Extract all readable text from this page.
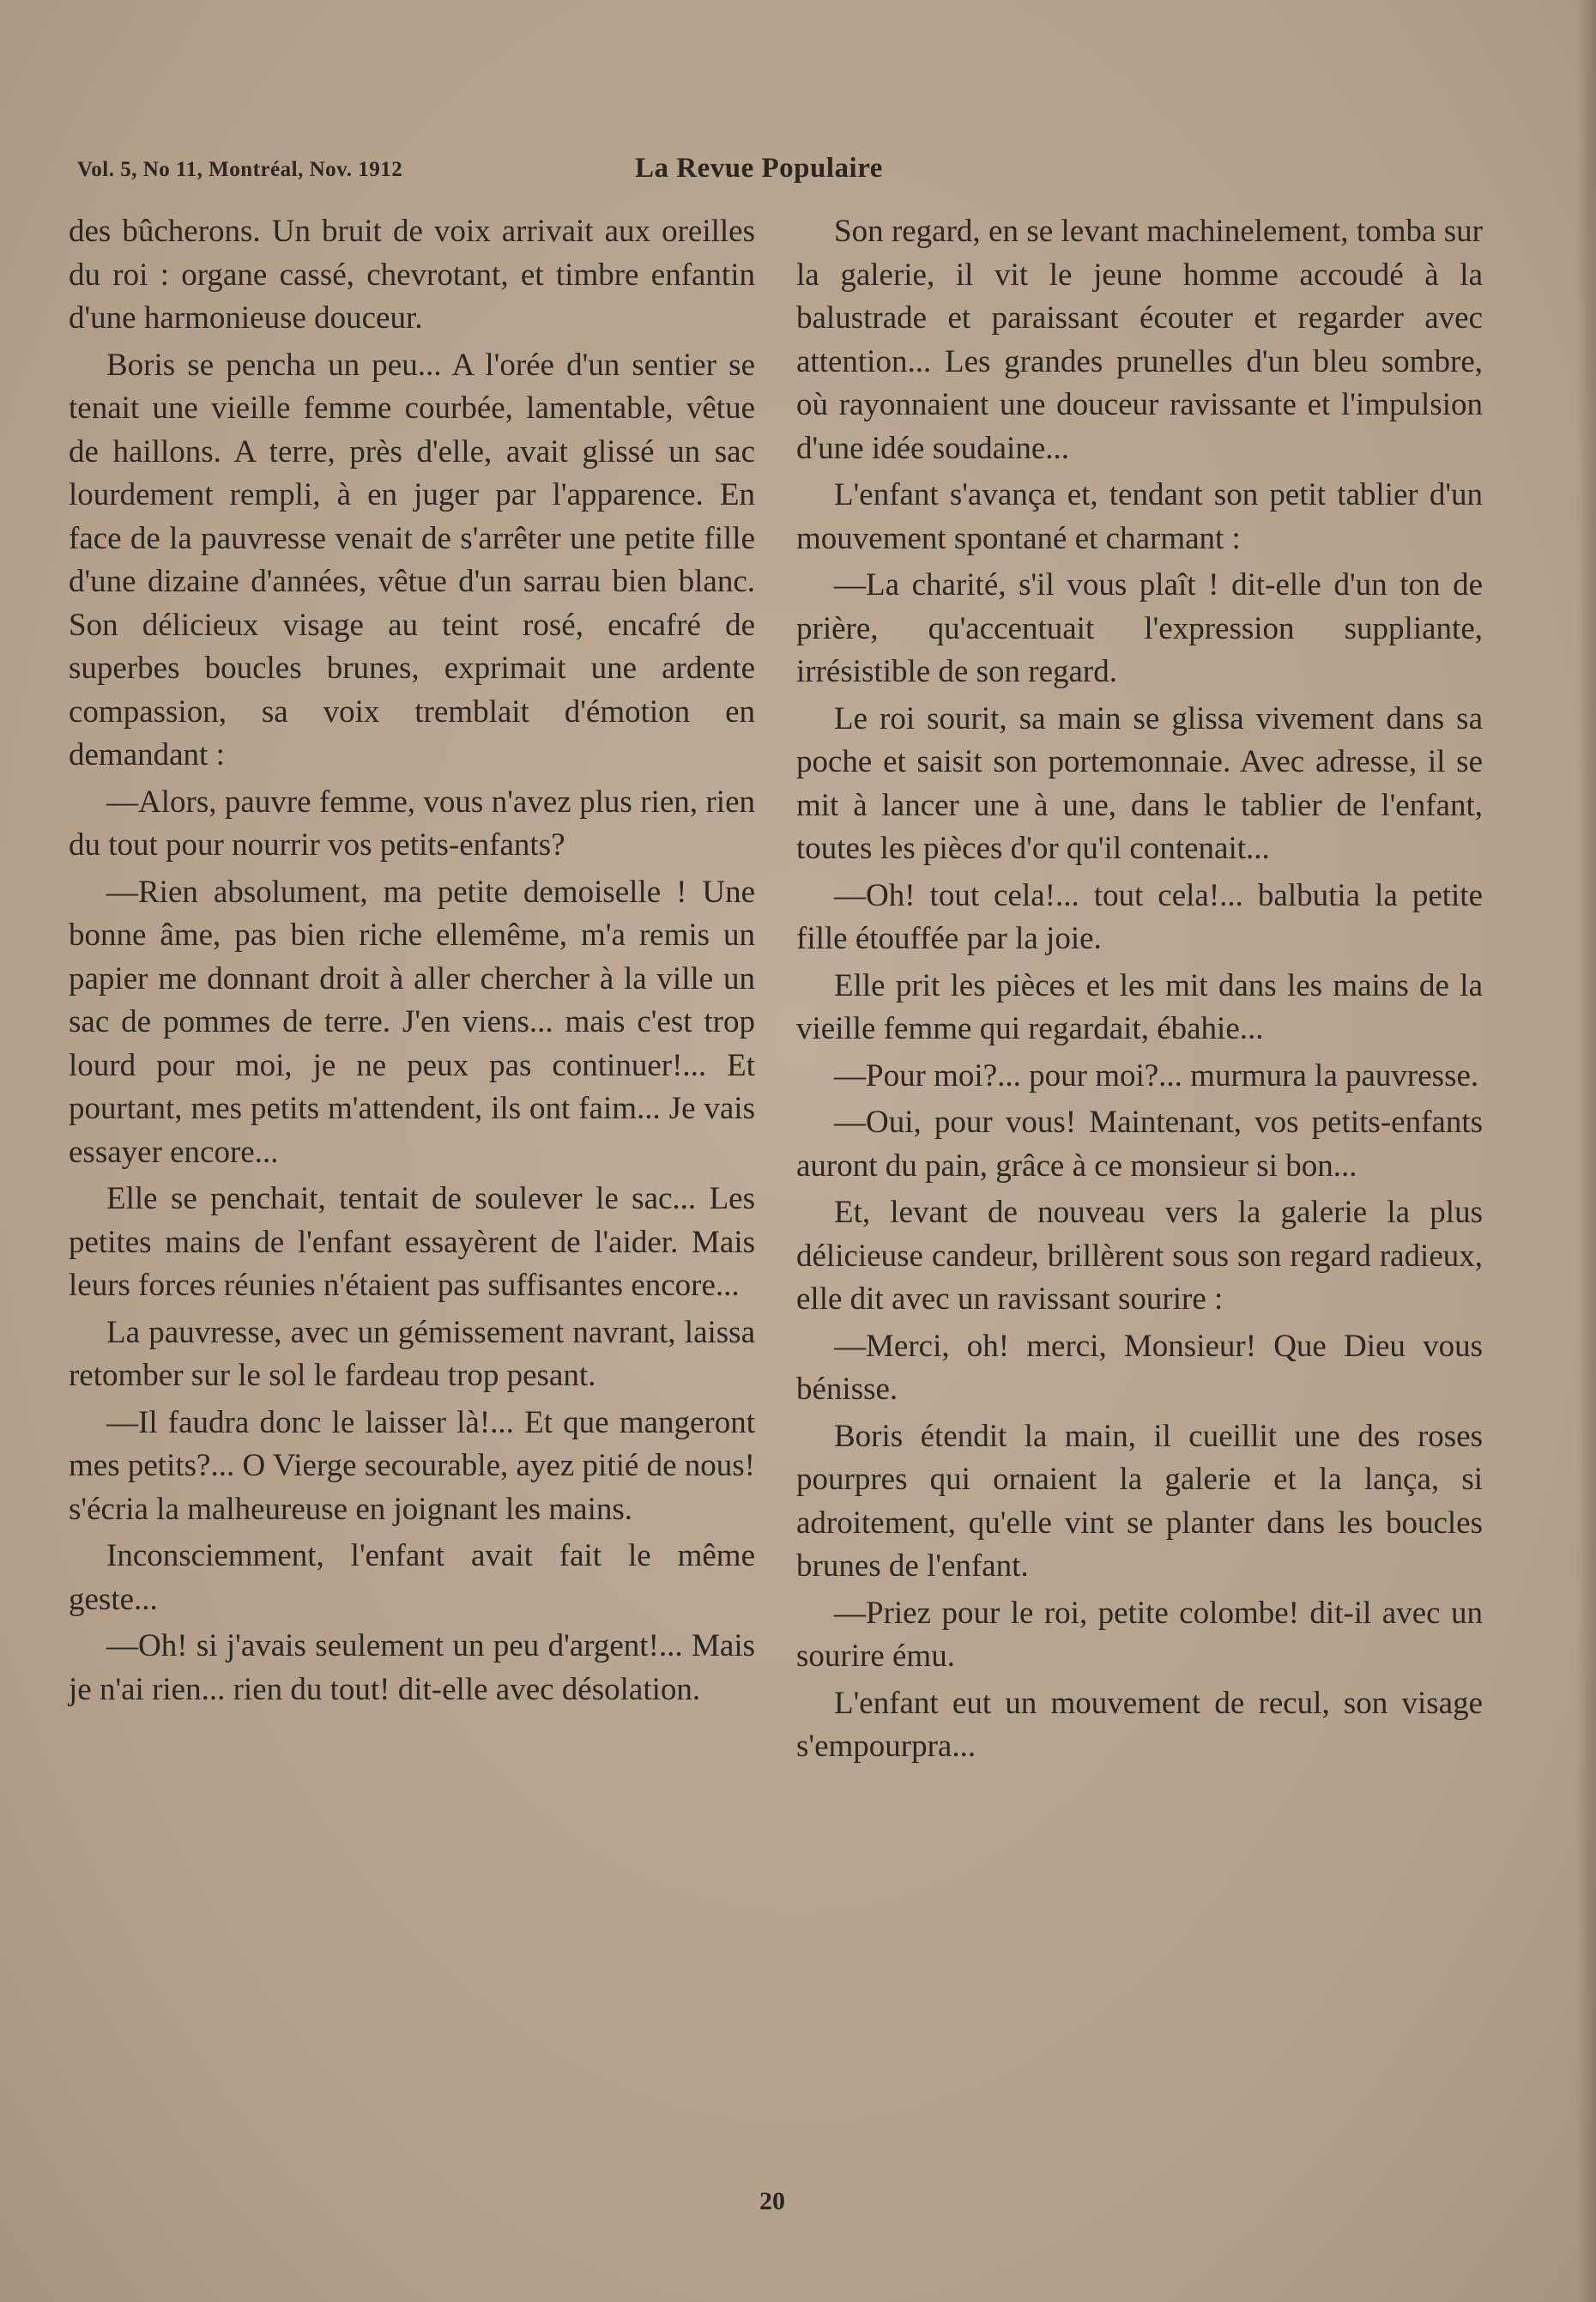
Vol. 5, No 11, Montréal, Nov. 1912	La Revue Populaire

des bûcherons. Un bruit de voix arrivait aux oreilles du roi : organe cassé, chevrotant, et timbre enfantin d'une harmonieuse douceur.

Boris se pencha un peu... A l'orée d'un sentier se tenait une vieille femme courbée, lamentable, vêtue de haillons. A terre, près d'elle, avait glissé un sac lourdement rempli, à en juger par l'apparence. En face de la pauvresse venait de s'arrêter une petite fille d'une dizaine d'années, vêtue d'un sarrau bien blanc. Son délicieux visage au teint rosé, encafré de superbes boucles brunes, exprimait une ardente compassion, sa voix tremblait d'émotion en demandant :

—Alors, pauvre femme, vous n'avez plus rien, rien du tout pour nourrir vos petits-enfants?

—Rien absolument, ma petite demoiselle ! Une bonne âme, pas bien riche ellemême, m'a remis un papier me donnant droit à aller chercher à la ville un sac de pommes de terre. J'en viens... mais c'est trop lourd pour moi, je ne peux pas continuer!... Et pourtant, mes petits m'attendent, ils ont faim... Je vais essayer encore...

Elle se penchait, tentait de soulever le sac... Les petites mains de l'enfant essayèrent de l'aider. Mais leurs forces réunies n'étaient pas suffisantes encore...

La pauvresse, avec un gémissement navrant, laissa retomber sur le sol le fardeau trop pesant.

—Il faudra donc le laisser là!... Et que mangeront mes petits?... O Vierge secourable, ayez pitié de nous! s'écria la malheureuse en joignant les mains.

Inconsciemment, l'enfant avait fait le même geste...

—Oh! si j'avais seulement un peu d'argent!... Mais je n'ai rien... rien du tout! dit-elle avec désolation.

Son regard, en se levant machinelement, tomba sur la galerie, il vit le jeune homme accoudé à la balustrade et paraissant écouter et regarder avec attention... Les grandes prunelles d'un bleu sombre, où rayonnaient une douceur ravissante et l'impulsion d'une idée soudaine...

L'enfant s'avança et, tendant son petit tablier d'un mouvement spontané et charmant :

—La charité, s'il vous plaît ! dit-elle d'un ton de prière, qu'accentuait l'expression suppliante, irrésistible de son regard.

Le roi sourit, sa main se glissa vivement dans sa poche et saisit son portemonnaie. Avec adresse, il se mit à lancer une à une, dans le tablier de l'enfant, toutes les pièces d'or qu'il contenait...

—Oh! tout cela!... tout cela!... balbutia la petite fille étouffée par la joie.

Elle prit les pièces et les mit dans les mains de la vieille femme qui regardait, ébahie...

—Pour moi?... pour moi?... murmura la pauvresse.

—Oui, pour vous! Maintenant, vos petits-enfants auront du pain, grâce à ce monsieur si bon...

Et, levant de nouveau vers la galerie la plus délicieuse candeur, brillèrent sous son regard radieux, elle dit avec un ravissant sourire :

—Merci, oh! merci, Monsieur! Que Dieu vous bénisse.

Boris étendit la main, il cueillit une des roses pourpres qui ornaient la galerie et la lança, si adroitement, qu'elle vint se planter dans les boucles brunes de l'enfant.

—Priez pour le roi, petite colombe! dit-il avec un sourire ému.

L'enfant eut un mouvement de recul, son visage s'empourpra...

20
